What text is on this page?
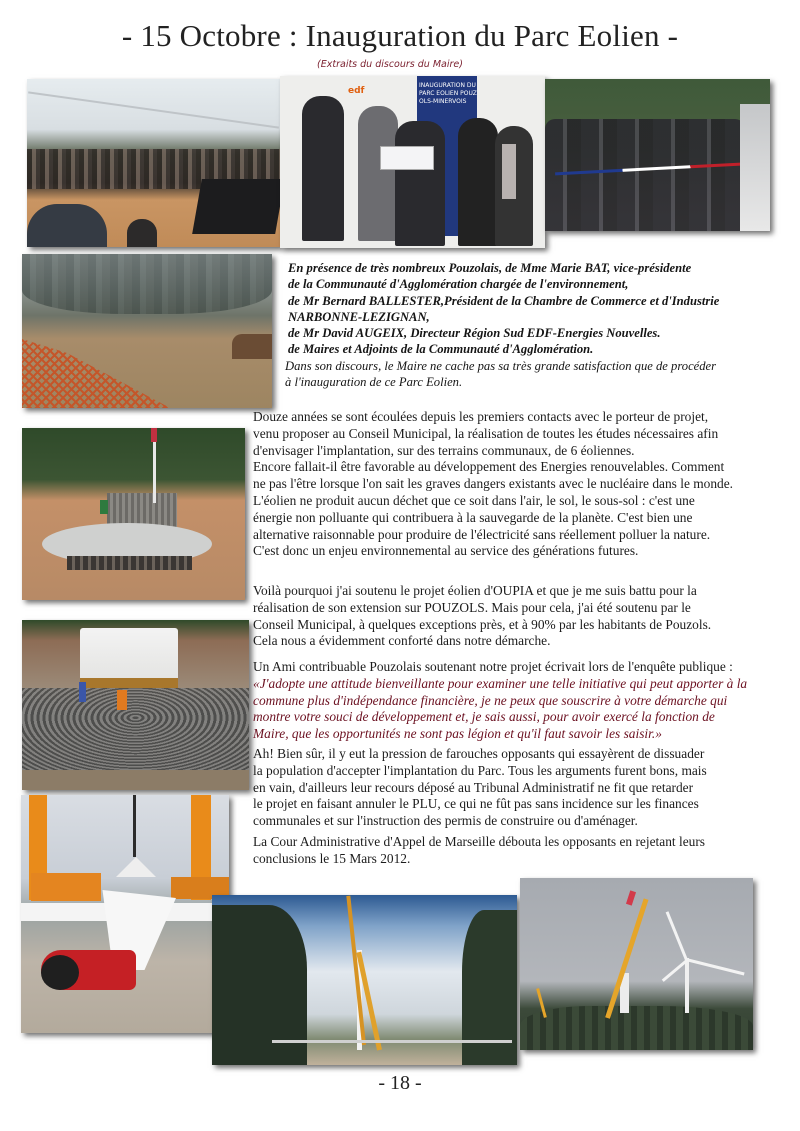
- 15 Octobre : Inauguration du Parc Eolien -
(Extraits du discours du Maire)
INAUGURATION DU PARC EOLIEN POUZOLS-MINERVOIS
edf

En présence de très nombreux Pouzolais, de Mme Marie BAT, vice-présidente

de la Communauté d'Agglomération chargée de l'environnement,

de Mr Bernard BALLESTER,Président de la Chambre de Commerce et d'Industrie

NARBONNE-LEZIGNAN,

de Mr David AUGEIX, Directeur Région Sud EDF-Energies Nouvelles.

de Maires et Adjoints de la Communauté d'Agglomération.

Dans son discours, le Maire ne cache pas sa très grande satisfaction que de procéder

à l'inauguration de ce Parc Eolien.

Douze années se sont écoulées depuis les premiers contacts avec le porteur de projet,

venu proposer au Conseil Municipal, la réalisation de toutes les études nécessaires afin

d'envisager l'implantation, sur des terrains communaux, de 6 éoliennes.

Encore fallait-il être favorable au développement des Energies renouvelables. Comment

ne pas l'être lorsque l'on sait les graves dangers existants avec le nucléaire dans le monde.

L'éolien ne produit aucun déchet que ce soit dans l'air, le sol, le sous-sol : c'est une

énergie non polluante qui contribuera à la sauvegarde de la planète. C'est bien une

alternative raisonnable pour produire de l'électricité sans réellement polluer la nature.

C'est donc un enjeu environnemental au service des générations futures.

Voilà pourquoi j'ai soutenu le projet éolien d'OUPIA et que je me suis battu pour la

réalisation de son extension sur POUZOLS. Mais pour cela, j'ai été soutenu par le

Conseil Municipal, à quelques exceptions près, et à 90% par les habitants de Pouzols.

Cela nous a évidemment conforté dans notre démarche.

Un Ami contribuable Pouzolais soutenant notre projet écrivait lors de l'enquête publique :

«J'adopte une attitude bienveillante pour examiner une telle initiative qui peut apporter à la

commune plus d'indépendance financière, je ne peux que souscrire à votre démarche qui

montre votre souci de développement et, je sais aussi, pour avoir exercé la fonction de

Maire, que les opportunités ne sont pas légion et qu'il faut savoir les saisir.»

Ah! Bien sûr, il y eut la pression de farouches opposants qui essayèrent de dissuader

la population d'accepter l'implantation du Parc. Tous les arguments furent bons, mais

en vain, d'ailleurs leur recours déposé au Tribunal Administratif ne fit que retarder

le projet en faisant annuler le PLU, ce qui ne fût pas sans incidence sur les finances

communales et sur l'instruction des permis de construire ou d'aménager.

La Cour Administrative d'Appel de Marseille débouta les opposants en rejetant leurs

conclusions le 15 Mars 2012.

- 18 -
